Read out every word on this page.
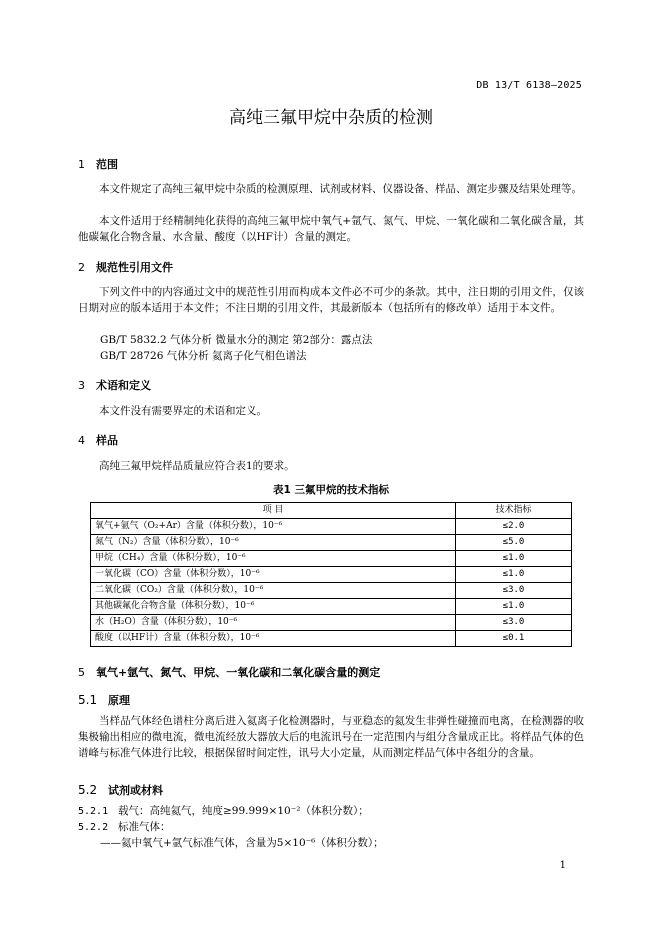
DB 13/T 6138—2025
高纯三氟甲烷中杂质的检测
1 范围
本文件规定了高纯三氟甲烷中杂质的检测原理、试剂或材料、仪器设备、样品、测定步骤及结果处理等。
本文件适用于经精制纯化获得的高纯三氟甲烷中氧气+氩气、氮气、甲烷、一氧化碳和二氧化碳含量，其他碳氟化合物含量、水含量、酸度（以HF计）含量的测定。
2 规范性引用文件
下列文件中的内容通过文中的规范性引用而构成本文件必不可少的条款。其中，注日期的引用文件，仅该日期对应的版本适用于本文件；不注日期的引用文件，其最新版本（包括所有的修改单）适用于本文件。
GB/T 5832.2 气体分析 微量水分的测定 第2部分：露点法
GB/T 28726 气体分析 氦离子化气相色谱法
3 术语和定义
本文件没有需要界定的术语和定义。
4 样品
高纯三氟甲烷样品质量应符合表1的要求。
表1 三氟甲烷的技术指标
项 目	技术指标
氧气+氩气（O₂+Ar）含量（体积分数），10⁻⁶	≤2.0
氮气（N₂）含量（体积分数），10⁻⁶	≤5.0
甲烷（CH₄）含量（体积分数），10⁻⁶	≤1.0
一氧化碳（CO）含量（体积分数），10⁻⁶	≤1.0
二氧化碳（CO₂）含量（体积分数），10⁻⁶	≤3.0
其他碳氟化合物含量（体积分数），10⁻⁶	≤1.0
水（H₂O）含量（体积分数），10⁻⁶	≤3.0
酸度（以HF计）含量（体积分数），10⁻⁶	≤0.1
5 氧气+氩气、氮气、甲烷、一氧化碳和二氧化碳含量的测定
5.1 原理
当样品气体经色谱柱分离后进入氦离子化检测器时，与亚稳态的氦发生非弹性碰撞而电离，在检测器的收集极输出相应的微电流，微电流经放大器放大后的电流讯号在一定范围内与组分含量成正比。将样品气体的色谱峰与标准气体进行比较，根据保留时间定性，讯号大小定量，从而测定样品气体中各组分的含量。
5.2 试剂或材料
5.2.1 载气：高纯氦气，纯度≥99.999×10⁻²（体积分数）；
5.2.2 标准气体：
——氦中氧气+氩气标准气体，含量为5×10⁻⁶（体积分数）；
1
